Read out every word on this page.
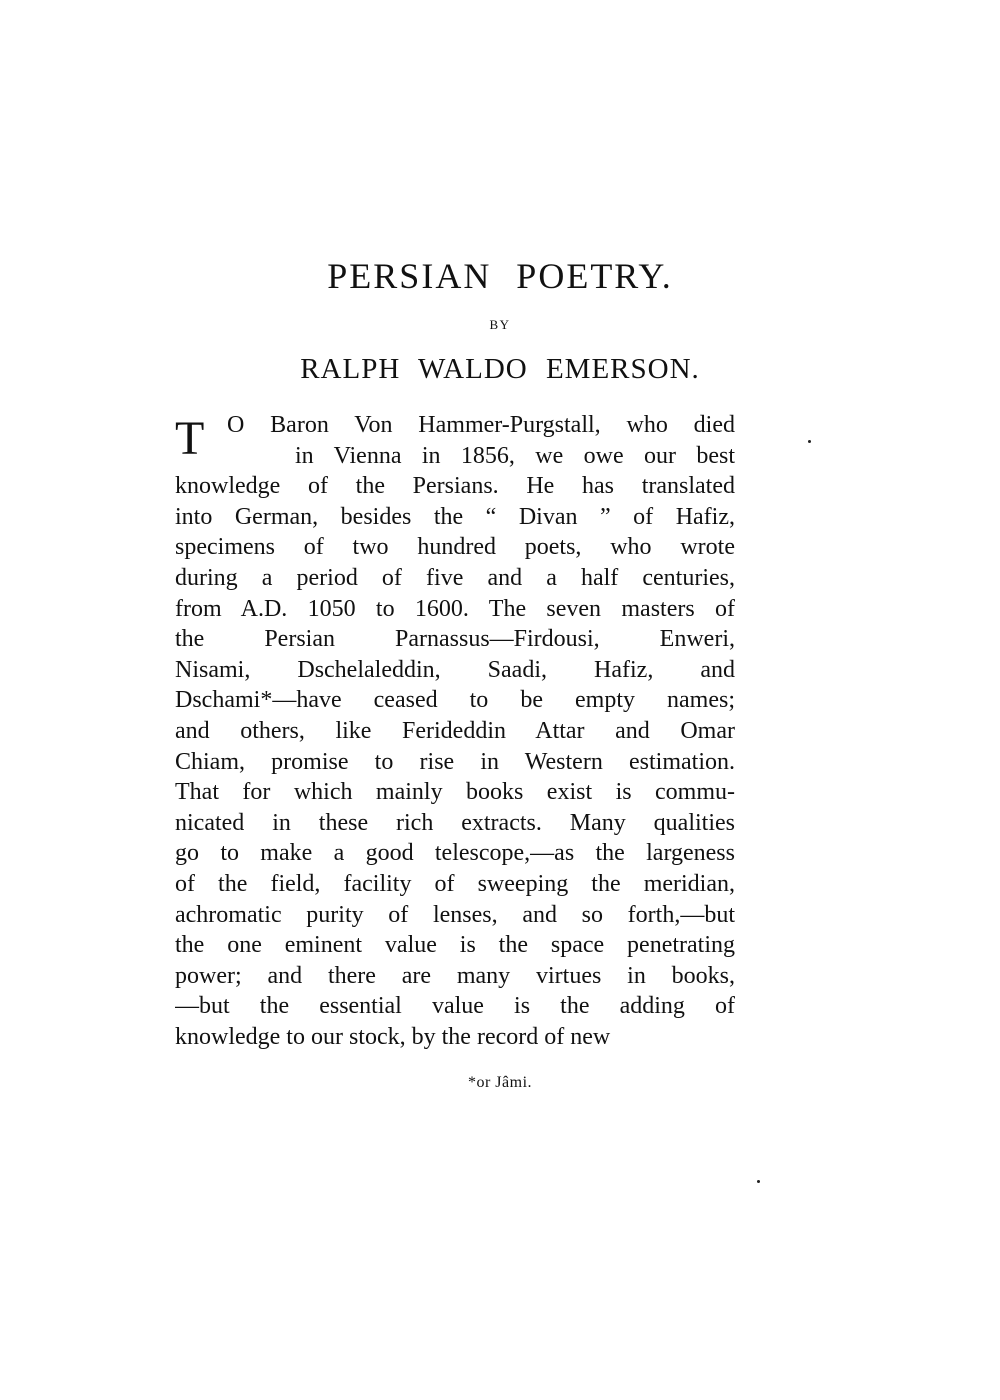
PERSIAN POETRY.
BY
RALPH WALDO EMERSON.
T O Baron Von Hammer-Purgstall, who died
in Vienna in 1856, we owe our best
knowledge of the Persians. He has translated
into German, besides the “ Divan ” of Hafiz,
specimens of two hundred poets, who wrote
during a period of five and a half centuries,
from A.D. 1050 to 1600. The seven masters of
the Persian Parnassus—Firdousi, Enweri,
Nisami, Dschelaleddin, Saadi, Hafiz, and
Dschami*—have ceased to be empty names;
and others, like Ferideddin Attar and Omar
Chiam, promise to rise in Western estimation.
That for which mainly books exist is commu-
nicated in these rich extracts. Many qualities
go to make a good telescope,—as the largeness
of the field, facility of sweeping the meridian,
achromatic purity of lenses, and so forth,—but
the one eminent value is the space penetrating
power; and there are many virtues in books,
—but the essential value is the adding of
knowledge to our stock, by the record of new
*or Jâmi.
